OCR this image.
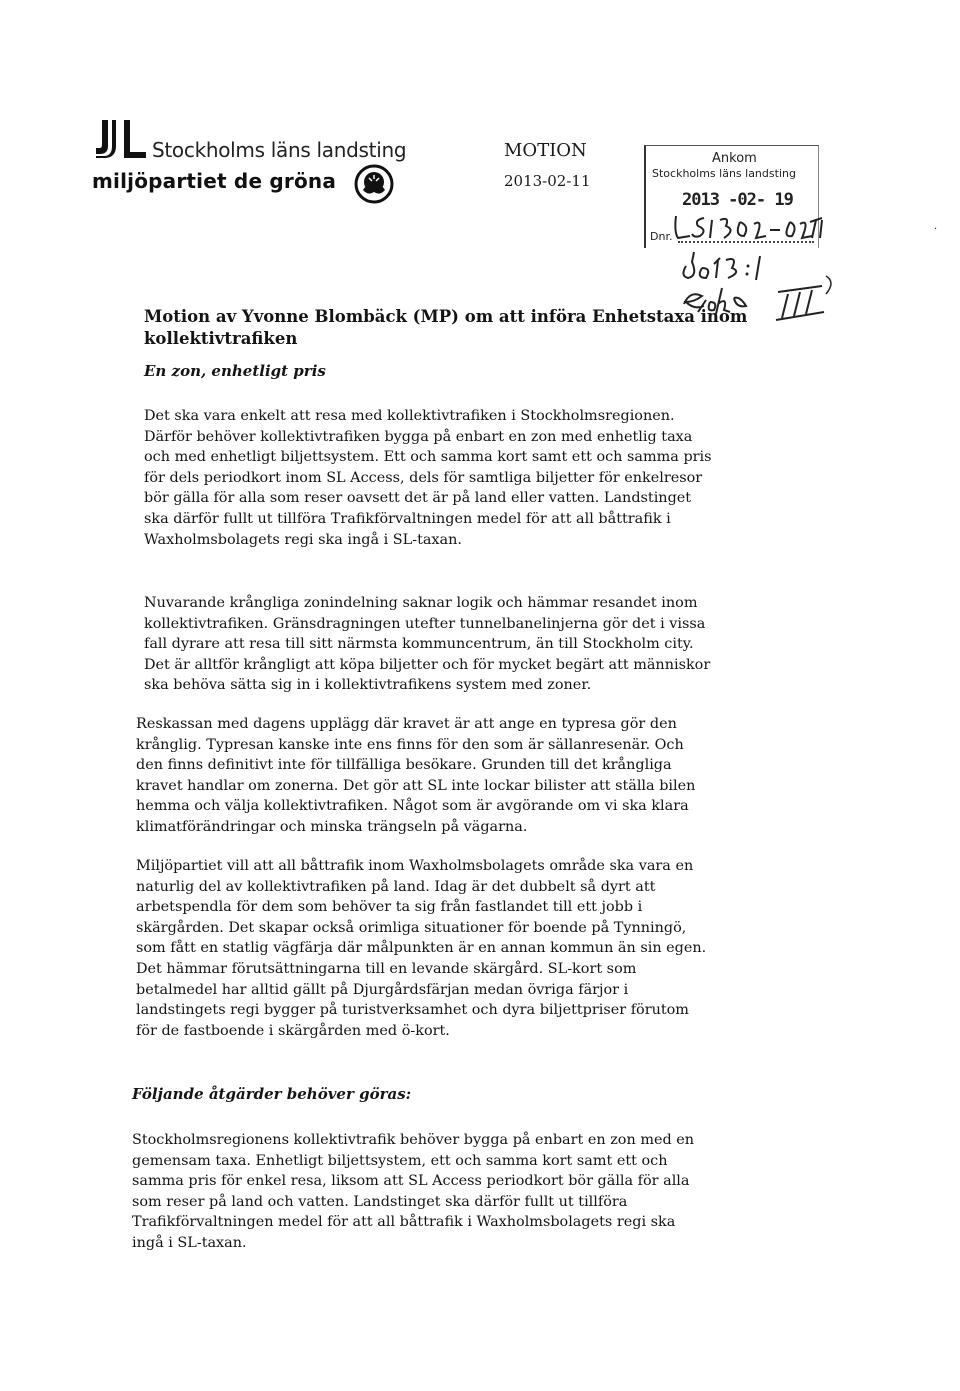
Stockholms läns landsting
miljöpartiet de gröna
MOTION
2013-02-11
Ankom
Stockholms läns landsting
2013 -02- 19
Dnr.
·
Motion av Yvonne Blombäck (MP) om att införa Enhetstaxa inom
kollektivtrafiken
En zon, enhetligt pris

Det ska vara enkelt att resa med kollektivtrafiken i Stockholmsregionen.
Därför behöver kollektivtrafiken bygga på enbart en zon med enhetlig taxa
och med enhetligt biljettsystem. Ett och samma kort samt ett och samma pris
för dels periodkort inom SL Access, dels för samtliga biljetter för enkelresor
bör gälla för alla som reser oavsett det är på land eller vatten. Landstinget
ska därför fullt ut tillföra Trafikförvaltningen medel för att all båttrafik i
Waxholmsbolagets regi ska ingå i SL-taxan.

Nuvarande krångliga zonindelning saknar logik och hämmar resandet inom
kollektivtrafiken. Gränsdragningen utefter tunnelbanelinjerna gör det i vissa
fall dyrare att resa till sitt närmsta kommuncentrum, än till Stockholm city.
Det är alltför krångligt att köpa biljetter och för mycket begärt att människor
ska behöva sätta sig in i kollektivtrafikens system med zoner.

Reskassan med dagens upplägg där kravet är att ange en typresa gör den
krånglig. Typresan kanske inte ens finns för den som är sällanresenär. Och
den finns definitivt inte för tillfälliga besökare. Grunden till det krångliga
kravet handlar om zonerna. Det gör att SL inte lockar bilister att ställa bilen
hemma och välja kollektivtrafiken. Något som är avgörande om vi ska klara
klimatförändringar och minska trängseln på vägarna.

Miljöpartiet vill att all båttrafik inom Waxholmsbolagets område ska vara en
naturlig del av kollektivtrafiken på land. Idag är det dubbelt så dyrt att
arbetspendla för dem som behöver ta sig från fastlandet till ett jobb i
skärgården. Det skapar också orimliga situationer för boende på Tynningö,
som fått en statlig vägfärja där målpunkten är en annan kommun än sin egen.
Det hämmar förutsättningarna till en levande skärgård. SL-kort som
betalmedel har alltid gällt på Djurgårdsfärjan medan övriga färjor i
landstingets regi bygger på turistverksamhet och dyra biljettpriser förutom
för de fastboende i skärgården med ö-kort.

Följande åtgärder behöver göras:

Stockholmsregionens kollektivtrafik behöver bygga på enbart en zon med en
gemensam taxa. Enhetligt biljettsystem, ett och samma kort samt ett och
samma pris för enkel resa, liksom att SL Access periodkort bör gälla för alla
som reser på land och vatten. Landstinget ska därför fullt ut tillföra
Trafikförvaltningen medel för att all båttrafik i Waxholmsbolagets regi ska
ingå i SL-taxan.
